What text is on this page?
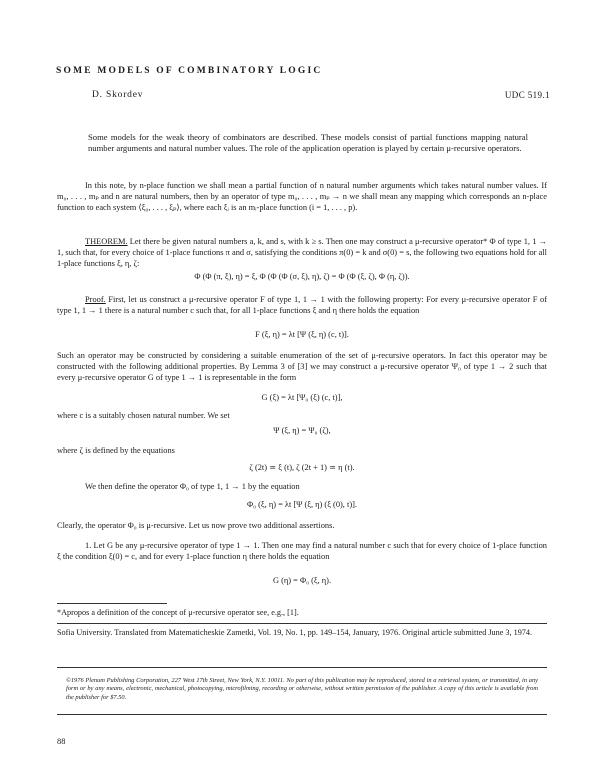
SOME MODELS OF COMBINATORY LOGIC
D. Skordev	UDC 519.1

Some models for the weak theory of combinators are described. These models consist of partial functions mapping natural number arguments and natural number values. The role of the application operation is played by certain μ-recursive operators.

In this note, by n-place function we shall mean a partial function of n natural number arguments which takes natural number values. If m₀, . . . , mₚ and n are natural numbers, then by an operator of type m₀, . . . , mₚ → n we shall mean any mapping which corresponds an n-place function to each system ⟨ξ₀, . . . , ξₚ⟩, where each ξᵢ is an mᵢ-place function (i = 1, . . . , p).

THEOREM. Let there be given natural numbers a, k, and s, with k ≥ s. Then one may construct a μ-recursive operator* Φ of type 1, 1 → 1, such that, for every choice of 1-place functions π and σ, satisfying the conditions π(0) = k and σ(0) = s, the following two equations hold for all 1-place functions ξ, η, ζ:

Φ (Φ (π, ξ), η) = ξ, Φ (Φ (Φ (σ, ξ), η), ζ) = Φ (Φ (ξ, ζ), Φ (η, ζ)).

Proof. First, let us construct a μ-recursive operator F of type 1, 1 → 1 with the following property: For every μ-recursive operator F of type 1, 1 → 1 there is a natural number c such that, for all 1-place functions ξ and η there holds the equation

F (ξ, η) = λt [Ψ (ξ, η) (c, t)].

Such an operator may be constructed by considering a suitable enumeration of the set of μ-recursive operators. In fact this operator may be constructed with the following additional properties. By Lemma 3 of [3] we may construct a μ-recursive operator Ψ₀ of type 1 → 2 such that every μ-recursive operator G of type 1 → 1 is representable in the form

G (ξ) = λt [Ψ₀ (ξ) (c, t)],

where c is a suitably chosen natural number. We set

Ψ (ξ, η) = Ψ₀ (ζ),

where ζ is defined by the equations

ζ (2t) ≃ ξ (t), ζ (2t + 1) ≃ η (t).

We then define the operator Φ₀ of type 1, 1 → 1 by the equation

Φ₀ (ξ, η) = λt [Ψ (ξ, η) (ξ (0), t)].

Clearly, the operator Φ₀ is μ-recursive. Let us now prove two additional assertions.

1. Let G be any μ-recursive operator of type 1 → 1. Then one may find a natural number c such that for every choice of 1-place function ξ the condition ξ(0) = c, and for every 1-place function η there holds the equation

G (η) = Φ₀ (ξ, η).

*Apropos a definition of the concept of μ-recursive operator see, e.g., [1].

Sofia University. Translated from Matematicheskie Zametki, Vol. 19, No. 1, pp. 149–154, January, 1976. Original article submitted June 3, 1974.

©1976 Plenum Publishing Corporation, 227 West 17th Street, New York, N.Y. 10011. No part of this publication may be reproduced, stored in a retrieval system, or transmitted, in any form or by any means, electronic, mechanical, photocopying, microfilming, recording or otherwise, without written permission of the publisher. A copy of this article is available from the publisher for $7.50.

88
